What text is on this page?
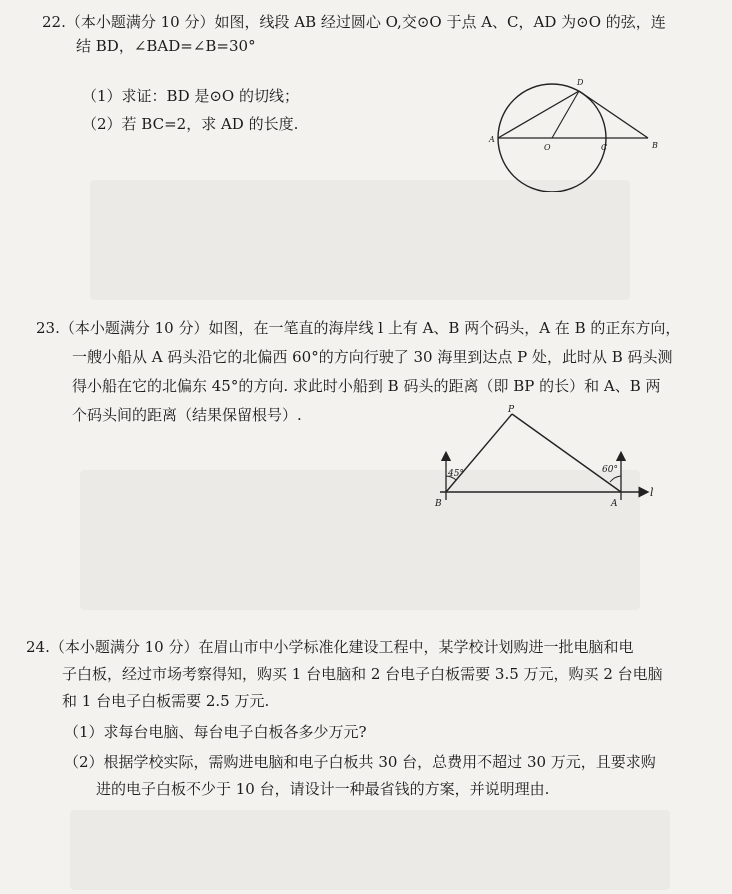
22.（本小题满分 10 分）如图，线段 AB 经过圆心 O,交⊙O 于点 A、C，AD 为⊙O 的弦，连
结 BD，∠BAD=∠B=30°
（1）求证：BD 是⊙O 的切线；
（2）若 BC=2，求 AD 的长度.
A
O	C	B
D
23.（本小题满分 10 分）如图，在一笔直的海岸线 l 上有 A、B 两个码头，A 在 B 的正东方向，
一艘小船从 A 码头沿它的北偏西 60°的方向行驶了 30 海里到达点 P 处，此时从 B 码头测
得小船在它的北偏东 45°的方向. 求此时小船到 B 码头的距离（即 BP 的长）和 A、B 两
个码头间的距离（结果保留根号）.
45°	60°
P
B	A
l
24.（本小题满分 10 分）在眉山市中小学标准化建设工程中，某学校计划购进一批电脑和电
子白板，经过市场考察得知，购买 1 台电脑和 2 台电子白板需要 3.5 万元，购买 2 台电脑
和 1 台电子白板需要 2.5 万元.
（1）求每台电脑、每台电子白板各多少万元?
（2）根据学校实际，需购进电脑和电子白板共 30 台，总费用不超过 30 万元，且要求购
进的电子白板不少于 10 台，请设计一种最省钱的方案，并说明理由.
